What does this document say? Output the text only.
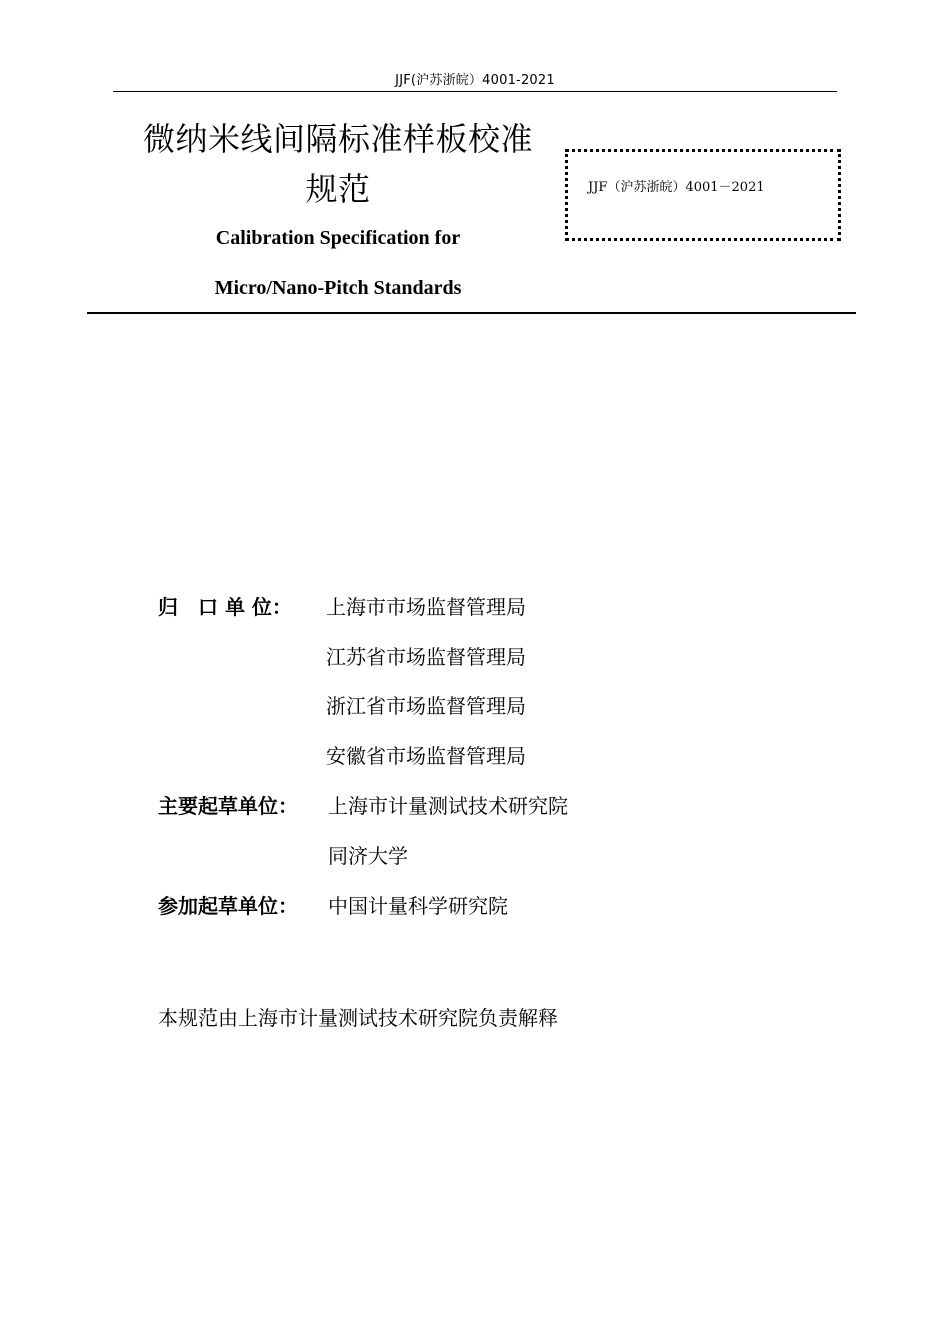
JJF(沪苏浙皖）4001-2021
微纳米线间隔标准样板校准
规范
Calibration Specification for
Micro/Nano-Pitch Standards
JJF（沪苏浙皖）4001－2021
归　口 单 位： 上海市市场监督管理局
江苏省市场监督管理局
浙江省市场监督管理局
安徽省市场监督管理局
主要起草单位： 上海市计量测试技术研究院
同济大学
参加起草单位： 中国计量科学研究院
本规范由上海市计量测试技术研究院负责解释
